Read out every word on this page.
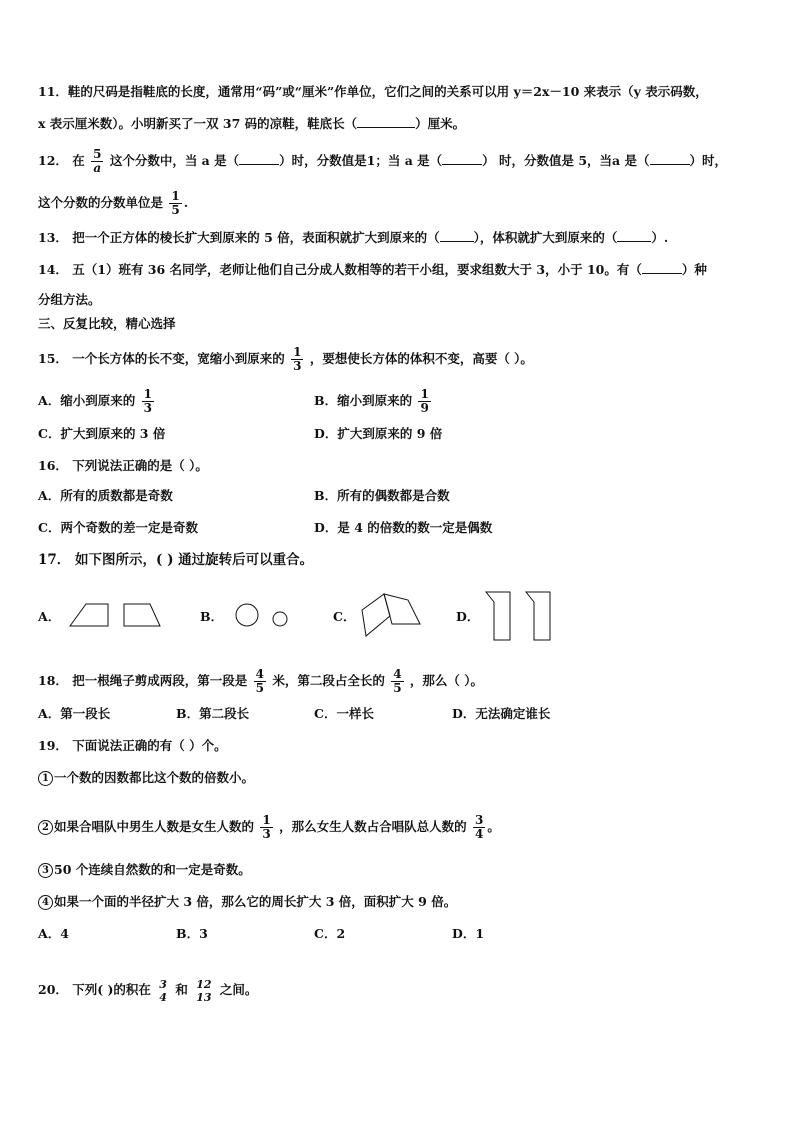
11．鞋的尺码是指鞋底的长度，通常用“码”或“厘米”作单位，它们之间的关系可以用 y＝2x－10 来表示（y 表示码数，
x 表示厘米数）。小明新买了一双 37 码的凉鞋，鞋底长（	）厘米。
12． 在 $\frac{5}{a}$ 这个分数中，当 a 是（	）时，分数值是1；当 a 是（	） 时，分数值是 5，当a 是（	）时，
这个分数的分数单位是 $\frac{1}{5}$ .
13． 把一个正方体的棱长扩大到原来的 5 倍，表面积就扩大到原来的（	），体积就扩大到原来的（	）.
14． 五（1）班有 36 名同学，老师让他们自己分成人数相等的若干小组，要求组数大于 3，小于 10。有（	）种
分组方法。
三、反复比较，精心选择
15． 一个长方体的长不变，宽缩小到原来的 $\frac{1}{3}$ ，要想使长方体的体积不变，高要（ ）。
A．缩小到原来的 $\frac{1}{3}$	B．缩小到原来的 $\frac{1}{9}$
C．扩大到原来的 3 倍	D．扩大到原来的 9 倍
16． 下列说法正确的是（ ）。
A．所有的质数都是奇数	B．所有的偶数都是合数
C．两个奇数的差一定是奇数	D．是 4 的倍数的数一定是偶数
17． 如下图所示，( ) 通过旋转后可以重合。
A．	B．	C．	D．
18． 把一根绳子剪成两段，第一段是 $\frac{4}{5}$ 米，第二段占全长的 $\frac{4}{5}$ ，那么（ ）。
A．第一段长	B．第二段长	C．一样长	D．无法确定谁长
19． 下面说法正确的有（ ）个。
1 一个数的因数都比这个数的倍数小。
2 如果合唱队中男生人数是女生人数的 $\frac{1}{3}$ ，那么女生人数占合唱队总人数的 $\frac{3}{4}$ 。
3 50 个连续自然数的和一定是奇数。
4 如果一个面的半径扩大 3 倍，那么它的周长扩大 3 倍，面积扩大 9 倍。
A．4	B．3	C．2	D．1
20． 下列( )的积在 3
4
和 12
13
之间。
